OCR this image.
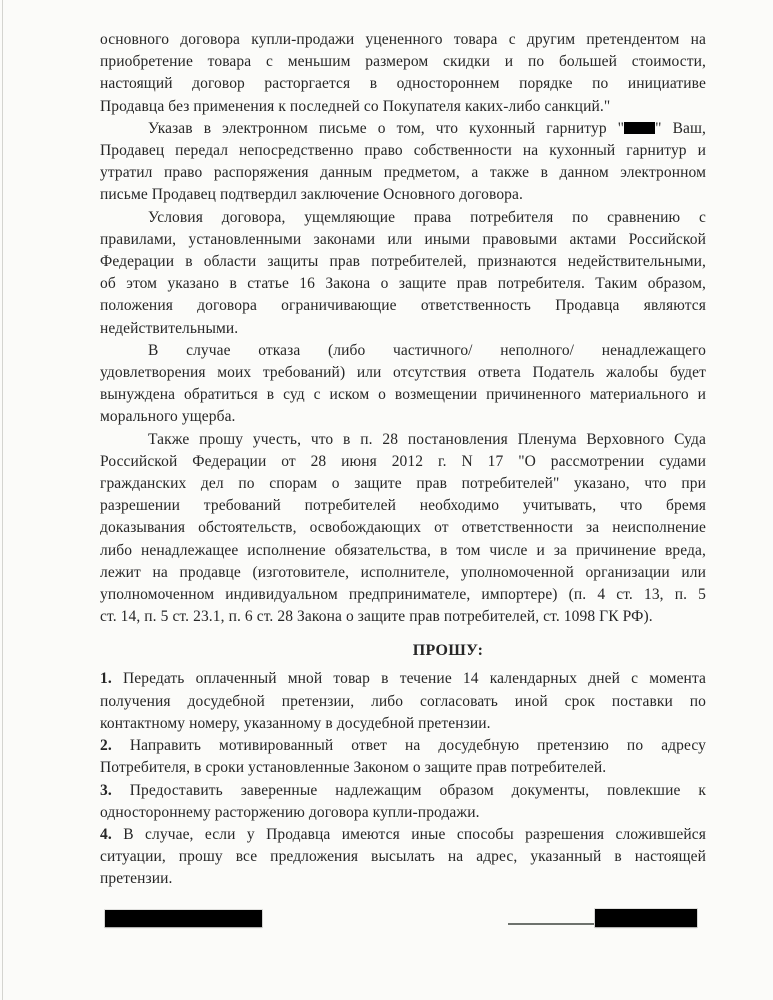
основного договора купли-продажи уцененного товара с другим претендентом на
приобретение товара с меньшим размером скидки и по большей стоимости,
настоящий договор расторгается в одностороннем порядке по инициативе
Продавца без применения к последней со Покупателя каких-либо санкций."
Указав в электронном письме о том, что кухонный гарнитур " " Ваш,
Продавец передал непосредственно право собственности на кухонный гарнитур и
утратил право распоряжения данным предметом, а также в данном электронном
письме Продавец подтвердил заключение Основного договора.
Условия договора, ущемляющие права потребителя по сравнению с
правилами, установленными законами или иными правовыми актами Российской
Федерации в области защиты прав потребителей, признаются недействительными,
об этом указано в статье 16 Закона о защите прав потребителя. Таким образом,
положения договора ограничивающие ответственность Продавца являются
недействительными.
В случае отказа (либо частичного/ неполного/ ненадлежащего
удовлетворения моих требований) или отсутствия ответа Податель жалобы будет
вынуждена обратиться в суд с иском о возмещении причиненного материального и
морального ущерба.
Также прошу учесть, что в п. 28 постановления Пленума Верховного Суда
Российской Федерации от 28 июня 2012 г. N 17 "О рассмотрении судами
гражданских дел по спорам о защите прав потребителей" указано, что при
разрешении требований потребителей необходимо учитывать, что бремя
доказывания обстоятельств, освобождающих от ответственности за неисполнение
либо ненадлежащее исполнение обязательства, в том числе и за причинение вреда,
лежит на продавце (изготовителе, исполнителе, уполномоченной организации или
уполномоченном индивидуальном предпринимателе, импортере) (п. 4 ст. 13, п. 5
ст. 14, п. 5 ст. 23.1, п. 6 ст. 28 Закона о защите прав потребителей, ст. 1098 ГК РФ).
ПРОШУ:
1. Передать оплаченный мной товар в течение 14 календарных дней с момента
получения досудебной претензии, либо согласовать иной срок поставки по
контактному номеру, указанному в досудебной претензии.
2. Направить мотивированный ответ на досудебную претензию по адресу
Потребителя, в сроки установленные Законом о защите прав потребителей.
3. Предоставить заверенные надлежащим образом документы, повлекшие к
одностороннему расторжению договора купли-продажи.
4. В случае, если у Продавца имеются иные способы разрешения сложившейся
ситуации, прошу все предложения высылать на адрес, указанный в настоящей
претензии.
